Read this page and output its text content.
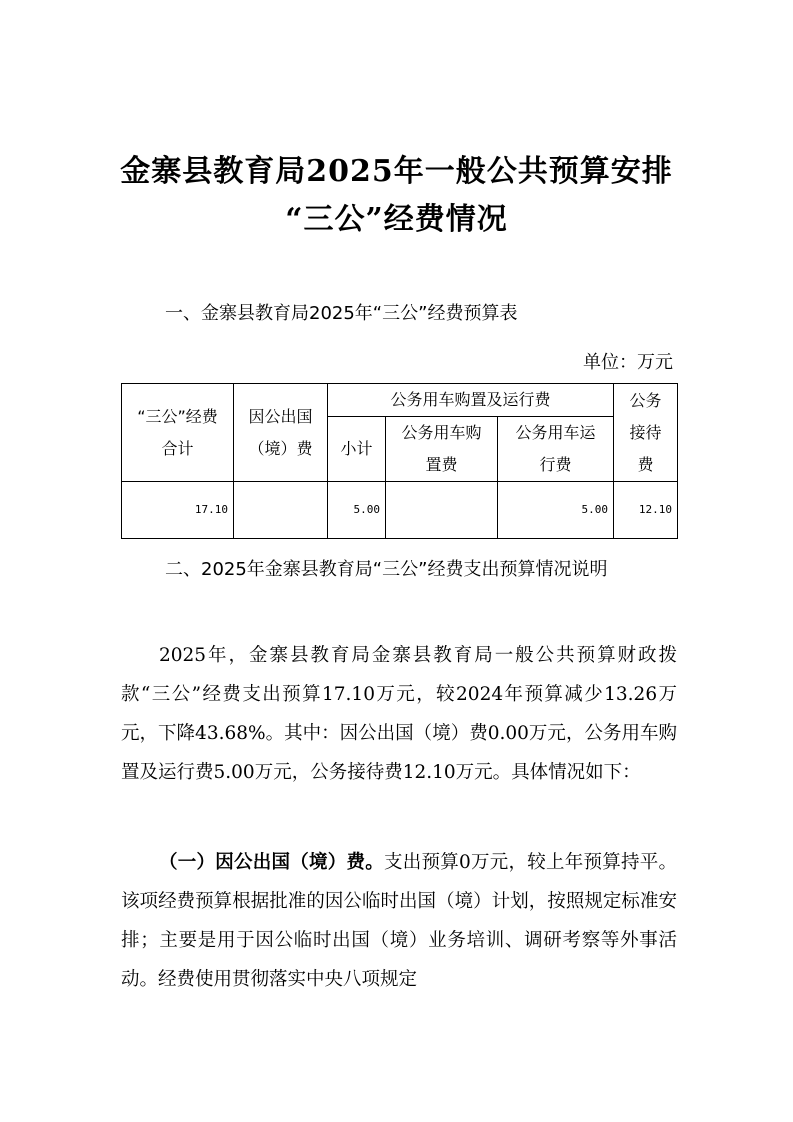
金寨县教育局2025年一般公共预算安排
“三公”经费情况
一、金寨县教育局2025年“三公”经费预算表
单位：万元
“三公”经费合计	因公出国（境）费	公务用车购置及运行费			公务接待费
		小计	公务用车购置费	公务用车运行费	
17.10		5.00		5.00	12.10
二、2025年金寨县教育局“三公”经费支出预算情况说明
2025年，金寨县教育局金寨县教育局一般公共预算财政拨款“三公”经费支出预算17.10万元，较2024年预算减少13.26万元，下降43.68%。其中：因公出国（境）费0.00万元，公务用车购置及运行费5.00万元，公务接待费12.10万元。具体情况如下：
（一）因公出国（境）费。支出预算0万元，较上年预算持平。该项经费预算根据批准的因公临时出国（境）计划，按照规定标准安排；主要是用于因公临时出国（境）业务培训、调研考察等外事活动。经费使用贯彻落实中央八项规定
